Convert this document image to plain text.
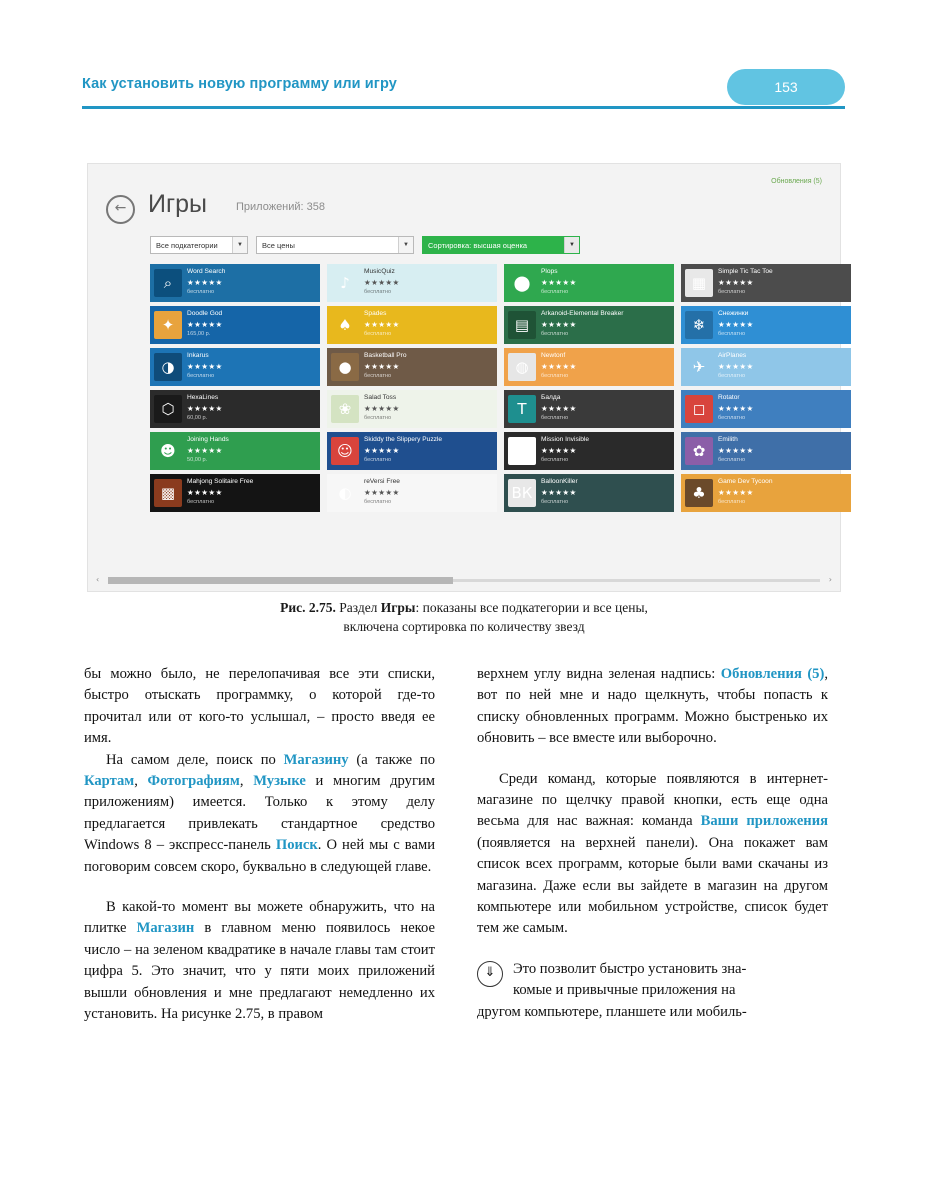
Как установить новую программу или игру	153
Обновления (5)
← Игры	Приложений: 358
Все подкатегории	▼	Все цены	▼	Сортировка: высшая оценка	▼
⌕
Word Search
★★★★★
бесплатно	♪
MusicQuiz
★★★★★
бесплатно	⬤
Plops
★★★★★
бесплатно	▦
Simple Tic Tac Toe
★★★★★
бесплатно
✦
Doodle God
★★★★★
165,00 р.	♠
Spades
★★★★★
бесплатно	▤
Arkanoid-Elemental Breaker
★★★★★
бесплатно	❄
Снежинки
★★★★★
бесплатно
◑
Inkarus
★★★★★
бесплатно	●
Basketball Pro
★★★★★
бесплатно	◍
Newtonf
★★★★★
бесплатно	✈
AirPlanes
★★★★★
бесплатно
⬡
HexaLines
★★★★★
60,00 р.	❀
Salad Toss
★★★★★
бесплатно	Т
Балда
★★★★★
бесплатно	◻
Rotator
★★★★★
бесплатно
☻
Joining Hands
★★★★★
50,00 р.	☺
Skiddy the Slippery Puzzle
★★★★★
бесплатно	●
Mission Invisible
★★★★★
бесплатно	✿
Emilith
★★★★★
бесплатно
▩
Mahjong Solitaire Free
★★★★★
бесплатно	◐
reVersi Free
★★★★★
бесплатно	ВК
BalloonKiller
★★★★★
бесплатно	♣
Game Dev Tycoon
★★★★★
бесплатно
‹	›
Рис. 2.75. Раздел Игры: показаны все подкатегории и все цены,
включена сортировка по количеству звезд

бы можно было, не перелопачивая все эти списки, быстро отыскать программку, о которой где-то прочитал или от кого-то услышал, – просто введя ее имя.

На самом деле, поиск по Магазину (а также по Картам, Фотографиям, Музыке и многим другим приложениям) имеется. Только к этому делу предлагается привлекать стандартное средство Windows 8 – экспресс-панель Поиск. О ней мы с вами поговорим совсем скоро, буквально в следующей главе.

В какой-то момент вы можете обнаружить, что на плитке Магазин в главном меню появилось некое число – на зеленом квадратике в начале главы там стоит цифра 5. Это значит, что у пяти моих приложений вышли обновления и мне предлагают немедленно их установить. На рисунке 2.75, в правом

верхнем углу видна зеленая надпись: Обновления (5), вот по ней мне и надо щелкнуть, чтобы попасть к списку обновленных программ. Можно быстренько их обновить – все вместе или выборочно.

Среди команд, которые появляются в интернет-магазине по щелчку правой кнопки, есть еще одна весьма для нас важная: команда Ваши приложения (появляется на верхней панели). Она покажет вам список всех программ, которые были вами скачаны из магазина. Даже если вы зайдете в магазин на другом компьютере или мобильном устройстве, список будет тем же самым.

⇓	Это позволит быстро установить зна-
комые и привычные приложения на
другом компьютере, планшете или мобиль-
